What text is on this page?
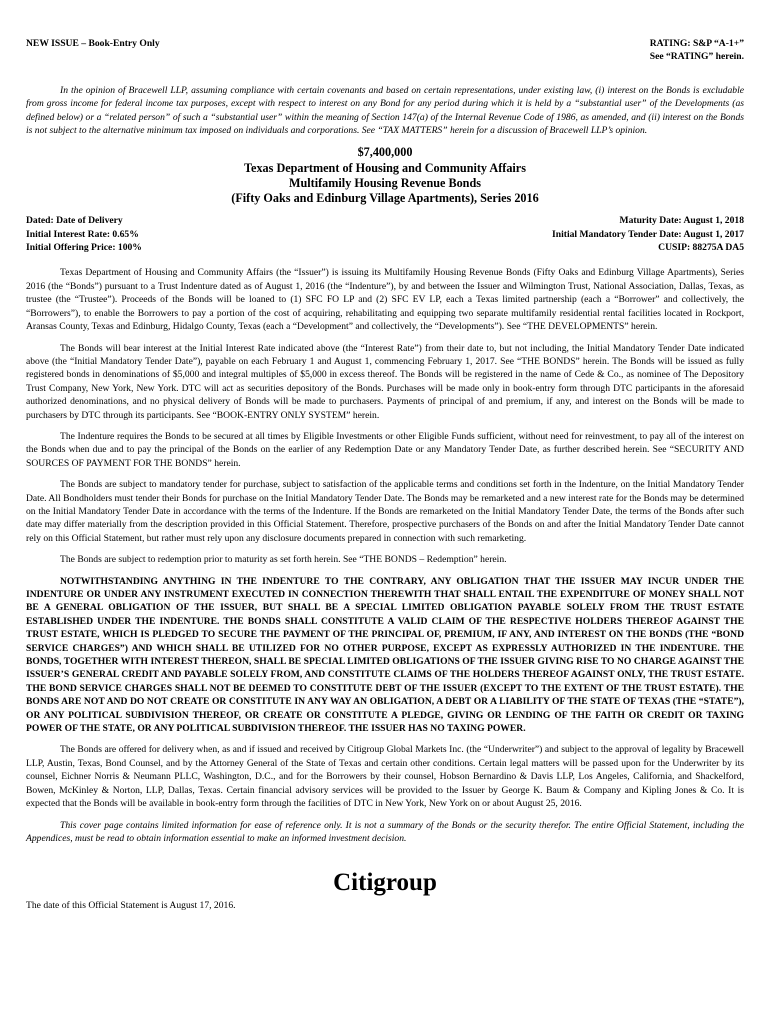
NEW ISSUE – Book-Entry Only	RATING: S&P “A-1+”
See “RATING” herein.

In the opinion of Bracewell LLP, assuming compliance with certain covenants and based on certain representations, under existing law, (i) interest on the Bonds is excludable from gross income for federal income tax purposes, except with respect to interest on any Bond for any period during which it is held by a “substantial user” of the Developments (as defined below) or a “related person” of such a “substantial user” within the meaning of Section 147(a) of the Internal Revenue Code of 1986, as amended, and (ii) interest on the Bonds is not subject to the alternative minimum tax imposed on individuals and corporations. See “TAX MATTERS” herein for a discussion of Bracewell LLP’s opinion.

$7,400,000
Texas Department of Housing and Community Affairs
Multifamily Housing Revenue Bonds
(Fifty Oaks and Edinburg Village Apartments), Series 2016
Dated: Date of Delivery
Initial Interest Rate: 0.65%
Initial Offering Price: 100%
Maturity Date: August 1, 2018
Initial Mandatory Tender Date: August 1, 2017
CUSIP: 88275A DA5

Texas Department of Housing and Community Affairs (the “Issuer”) is issuing its Multifamily Housing Revenue Bonds (Fifty Oaks and Edinburg Village Apartments), Series 2016 (the “Bonds”) pursuant to a Trust Indenture dated as of August 1, 2016 (the “Indenture”), by and between the Issuer and Wilmington Trust, National Association, Dallas, Texas, as trustee (the “Trustee”). Proceeds of the Bonds will be loaned to (1) SFC FO LP and (2) SFC EV LP, each a Texas limited partnership (each a “Borrower” and collectively, the “Borrowers”), to enable the Borrowers to pay a portion of the cost of acquiring, rehabilitating and equipping two separate multifamily residential rental facilities located in Rockport, Aransas County, Texas and Edinburg, Hidalgo County, Texas (each a “Development” and collectively, the “Developments”). See “THE DEVELOPMENTS” herein.

The Bonds will bear interest at the Initial Interest Rate indicated above (the “Interest Rate”) from their date to, but not including, the Initial Mandatory Tender Date indicated above (the “Initial Mandatory Tender Date”), payable on each February 1 and August 1, commencing February 1, 2017. See “THE BONDS” herein. The Bonds will be issued as fully registered bonds in denominations of $5,000 and integral multiples of $5,000 in excess thereof. The Bonds will be registered in the name of Cede & Co., as nominee of The Depository Trust Company, New York, New York. DTC will act as securities depository of the Bonds. Purchases will be made only in book-entry form through DTC participants in the aforesaid authorized denominations, and no physical delivery of Bonds will be made to purchasers. Payments of principal of and premium, if any, and interest on the Bonds will be made to purchasers by DTC through its participants. See “BOOK-ENTRY ONLY SYSTEM” herein.

The Indenture requires the Bonds to be secured at all times by Eligible Investments or other Eligible Funds sufficient, without need for reinvestment, to pay all of the interest on the Bonds when due and to pay the principal of the Bonds on the earlier of any Redemption Date or any Mandatory Tender Date, as further described herein. See “SECURITY AND SOURCES OF PAYMENT FOR THE BONDS” herein.

The Bonds are subject to mandatory tender for purchase, subject to satisfaction of the applicable terms and conditions set forth in the Indenture, on the Initial Mandatory Tender Date. All Bondholders must tender their Bonds for purchase on the Initial Mandatory Tender Date. The Bonds may be remarketed and a new interest rate for the Bonds may be determined on the Initial Mandatory Tender Date in accordance with the terms of the Indenture. If the Bonds are remarketed on the Initial Mandatory Tender Date, the terms of the Bonds after such date may differ materially from the description provided in this Official Statement. Therefore, prospective purchasers of the Bonds on and after the Initial Mandatory Tender Date cannot rely on this Official Statement, but rather must rely upon any disclosure documents prepared in connection with such remarketing.

The Bonds are subject to redemption prior to maturity as set forth herein. See “THE BONDS – Redemption” herein.

NOTWITHSTANDING ANYTHING IN THE INDENTURE TO THE CONTRARY, ANY OBLIGATION THAT THE ISSUER MAY INCUR UNDER THE INDENTURE OR UNDER ANY INSTRUMENT EXECUTED IN CONNECTION THEREWITH THAT SHALL ENTAIL THE EXPENDITURE OF MONEY SHALL NOT BE A GENERAL OBLIGATION OF THE ISSUER, BUT SHALL BE A SPECIAL LIMITED OBLIGATION PAYABLE SOLELY FROM THE TRUST ESTATE ESTABLISHED UNDER THE INDENTURE. THE BONDS SHALL CONSTITUTE A VALID CLAIM OF THE RESPECTIVE HOLDERS THEREOF AGAINST THE TRUST ESTATE, WHICH IS PLEDGED TO SECURE THE PAYMENT OF THE PRINCIPAL OF, PREMIUM, IF ANY, AND INTEREST ON THE BONDS (THE “BOND SERVICE CHARGES”) AND WHICH SHALL BE UTILIZED FOR NO OTHER PURPOSE, EXCEPT AS EXPRESSLY AUTHORIZED IN THE INDENTURE. THE BONDS, TOGETHER WITH INTEREST THEREON, SHALL BE SPECIAL LIMITED OBLIGATIONS OF THE ISSUER GIVING RISE TO NO CHARGE AGAINST THE ISSUER’S GENERAL CREDIT AND PAYABLE SOLELY FROM, AND CONSTITUTE CLAIMS OF THE HOLDERS THEREOF AGAINST ONLY, THE TRUST ESTATE. THE BOND SERVICE CHARGES SHALL NOT BE DEEMED TO CONSTITUTE DEBT OF THE ISSUER (EXCEPT TO THE EXTENT OF THE TRUST ESTATE). THE BONDS ARE NOT AND DO NOT CREATE OR CONSTITUTE IN ANY WAY AN OBLIGATION, A DEBT OR A LIABILITY OF THE STATE OF TEXAS (THE “STATE”), OR ANY POLITICAL SUBDIVISION THEREOF, OR CREATE OR CONSTITUTE A PLEDGE, GIVING OR LENDING OF THE FAITH OR CREDIT OR TAXING POWER OF THE STATE, OR ANY POLITICAL SUBDIVISION THEREOF. THE ISSUER HAS NO TAXING POWER.

The Bonds are offered for delivery when, as and if issued and received by Citigroup Global Markets Inc. (the “Underwriter”) and subject to the approval of legality by Bracewell LLP, Austin, Texas, Bond Counsel, and by the Attorney General of the State of Texas and certain other conditions. Certain legal matters will be passed upon for the Underwriter by its counsel, Eichner Norris & Neumann PLLC, Washington, D.C., and for the Borrowers by their counsel, Hobson Bernardino & Davis LLP, Los Angeles, California, and Shackelford, Bowen, McKinley & Norton, LLP, Dallas, Texas. Certain financial advisory services will be provided to the Issuer by George K. Baum & Company and Kipling Jones & Co. It is expected that the Bonds will be available in book-entry form through the facilities of DTC in New York, New York on or about August 25, 2016.

This cover page contains limited information for ease of reference only. It is not a summary of the Bonds or the security therefor. The entire Official Statement, including the Appendices, must be read to obtain information essential to make an informed investment decision.

Citigroup
The date of this Official Statement is August 17, 2016.
